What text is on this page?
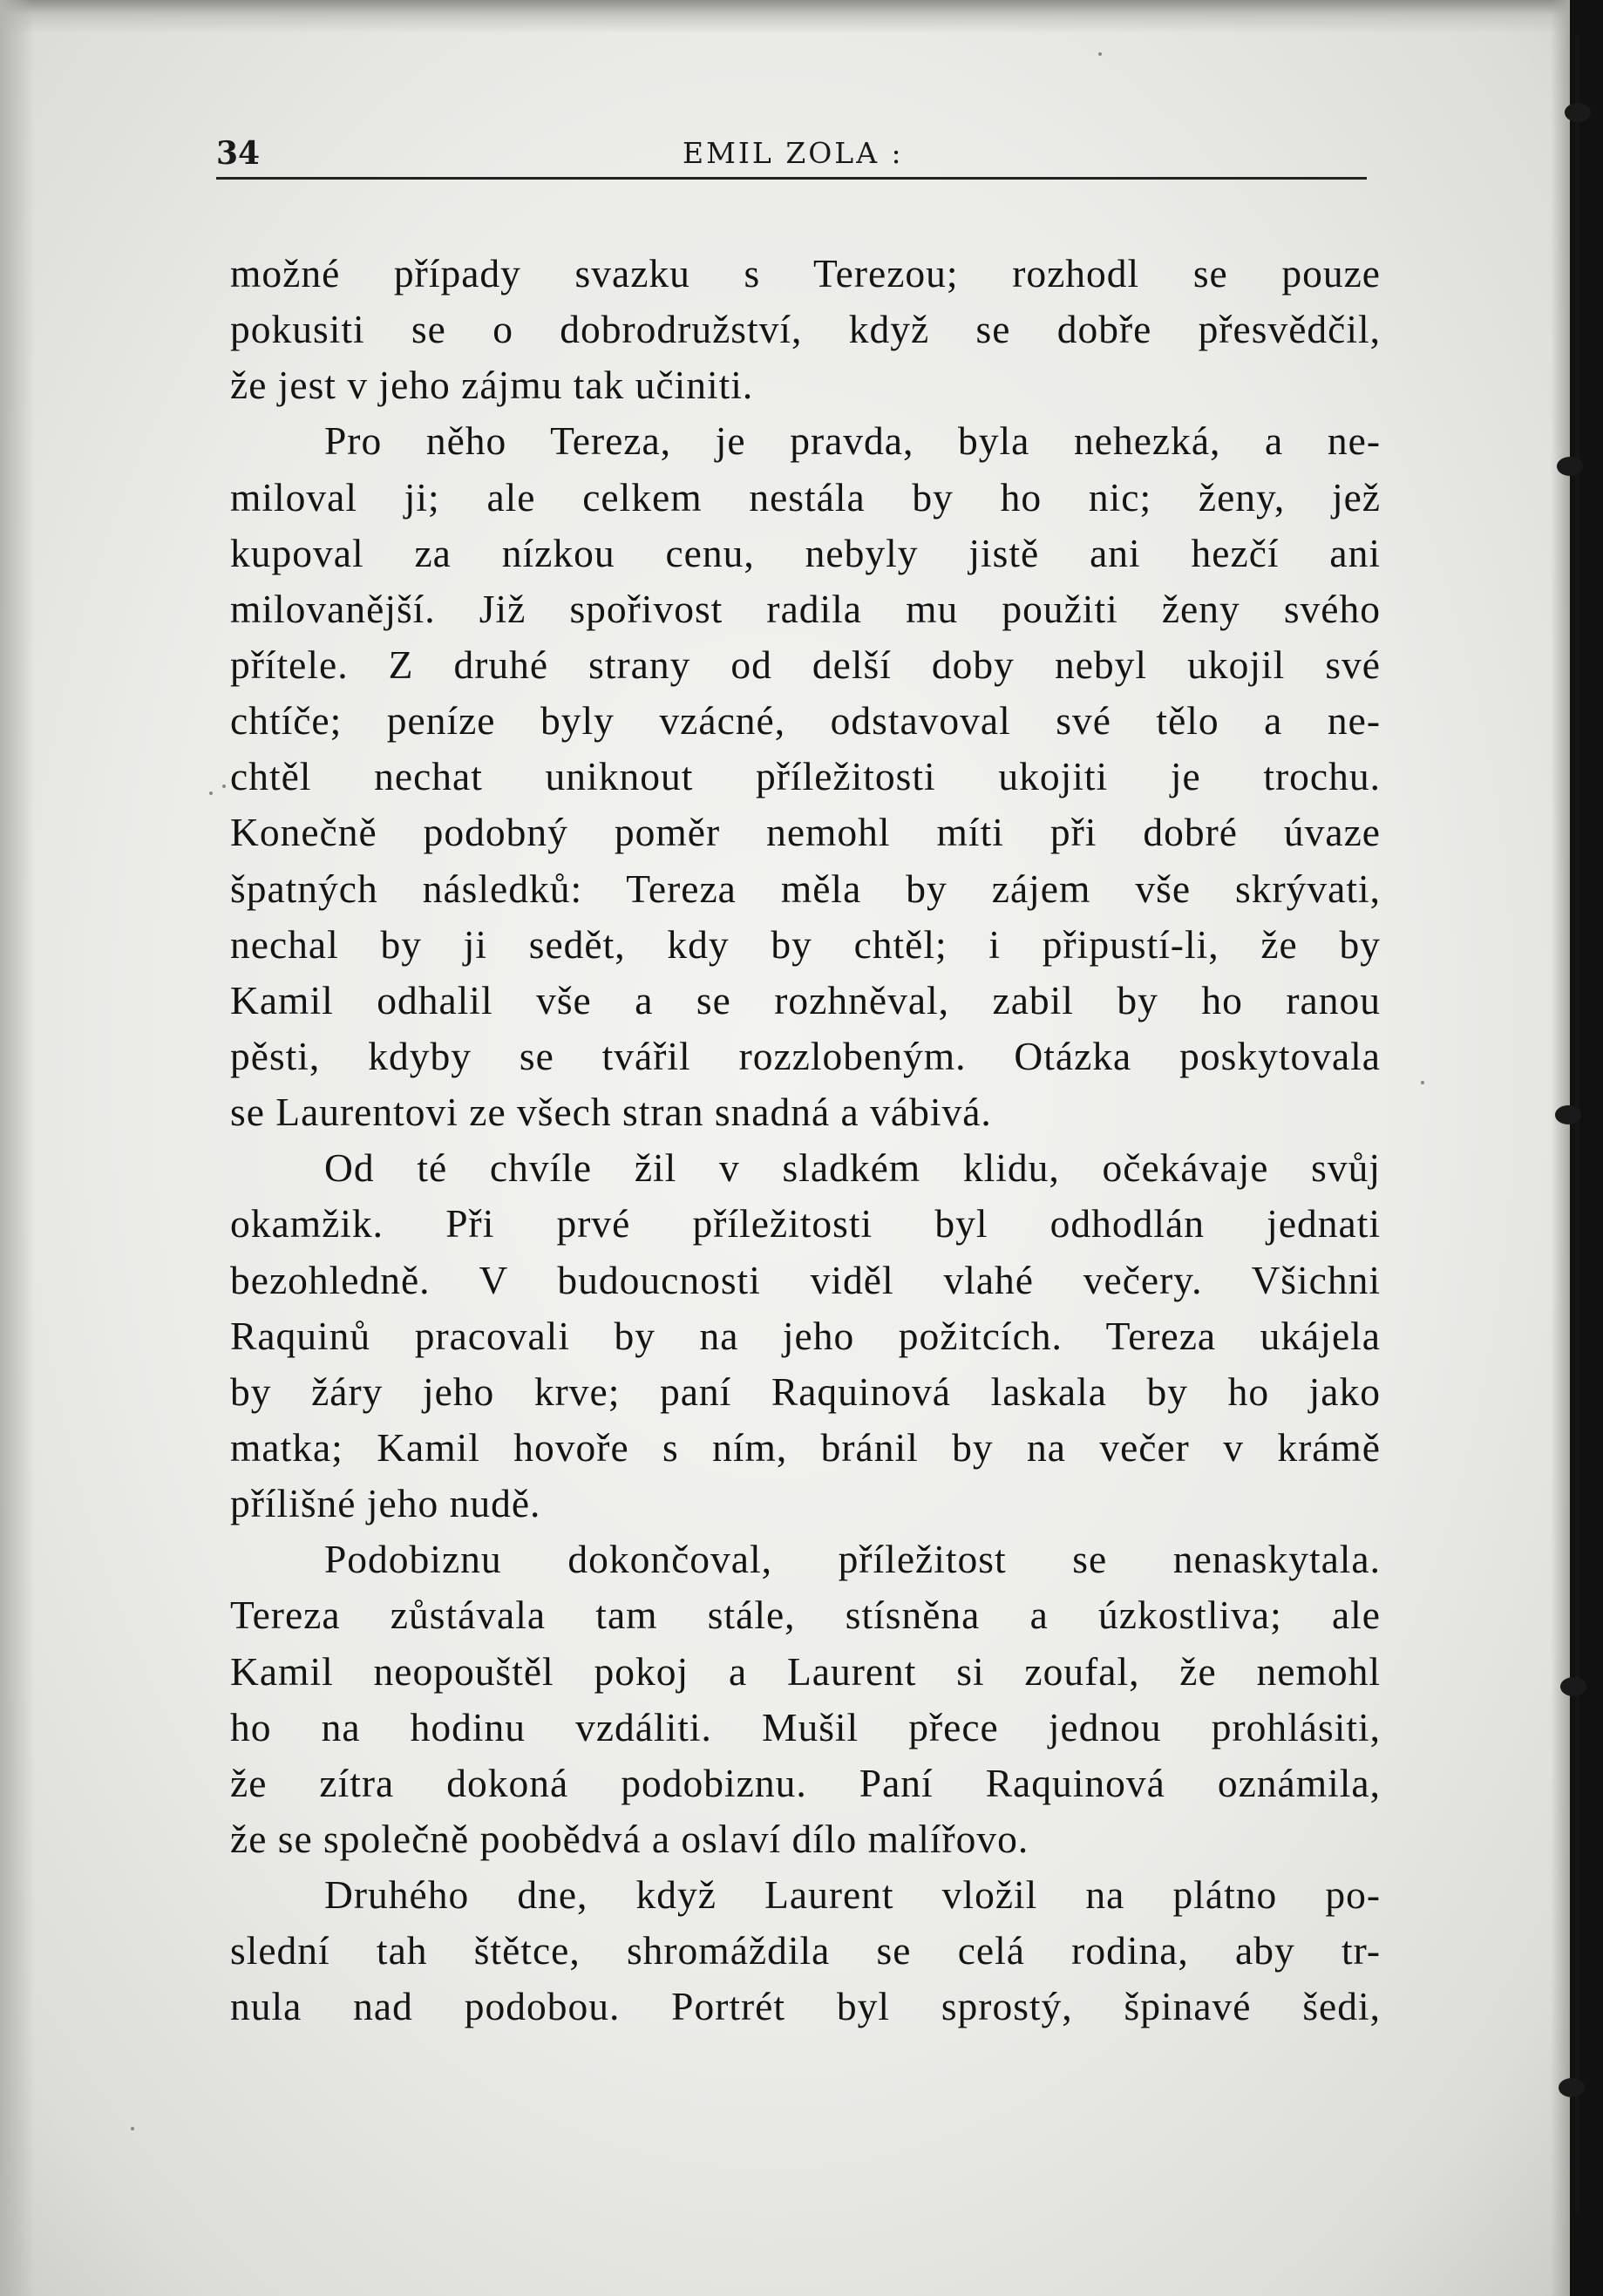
34	EMIL ZOLA :
možné případy svazku s Terezou; rozhodl se pouze
pokusiti se o dobrodružství, když se dobře přesvědčil,
že jest v jeho zájmu tak učiniti.
Pro něho Tereza, je pravda, byla nehezká, a ne-
miloval ji; ale celkem nestála by ho nic; ženy, jež
kupoval za nízkou cenu, nebyly jistě ani hezčí ani
milovanější. Již spořivost radila mu použiti ženy svého
přítele. Z druhé strany od delší doby nebyl ukojil své
chtíče; peníze byly vzácné, odstavoval své tělo a ne-
chtěl nechat uniknout příležitosti ukojiti je trochu.
Konečně podobný poměr nemohl míti při dobré úvaze
špatných následků: Tereza měla by zájem vše skrývati,
nechal by ji sedět, kdy by chtěl; i připustí-li, že by
Kamil odhalil vše a se rozhněval, zabil by ho ranou
pěsti, kdyby se tvářil rozzlobeným. Otázka poskytovala
se Laurentovi ze všech stran snadná a vábivá.
Od té chvíle žil v sladkém klidu, očekávaje svůj
okamžik. Při prvé příležitosti byl odhodlán jednati
bezohledně. V budoucnosti viděl vlahé večery. Všichni
Raquinů pracovali by na jeho požitcích. Tereza ukájela
by žáry jeho krve; paní Raquinová laskala by ho jako
matka; Kamil hovoře s ním, bránil by na večer v krámě
přílišné jeho nudě.
Podobiznu dokončoval, příležitost se nenaskytala.
Tereza zůstávala tam stále, stísněna a úzkostliva; ale
Kamil neopouštěl pokoj a Laurent si zoufal, že nemohl
ho na hodinu vzdáliti. Mušil přece jednou prohlásiti,
že zítra dokoná podobiznu. Paní Raquinová oznámila,
že se společně poobědvá a oslaví dílo malířovo.
Druhého dne, když Laurent vložil na plátno po-
slední tah štětce, shromáždila se celá rodina, aby tr-
nula nad podobou. Portrét byl sprostý, špinavé šedi,
